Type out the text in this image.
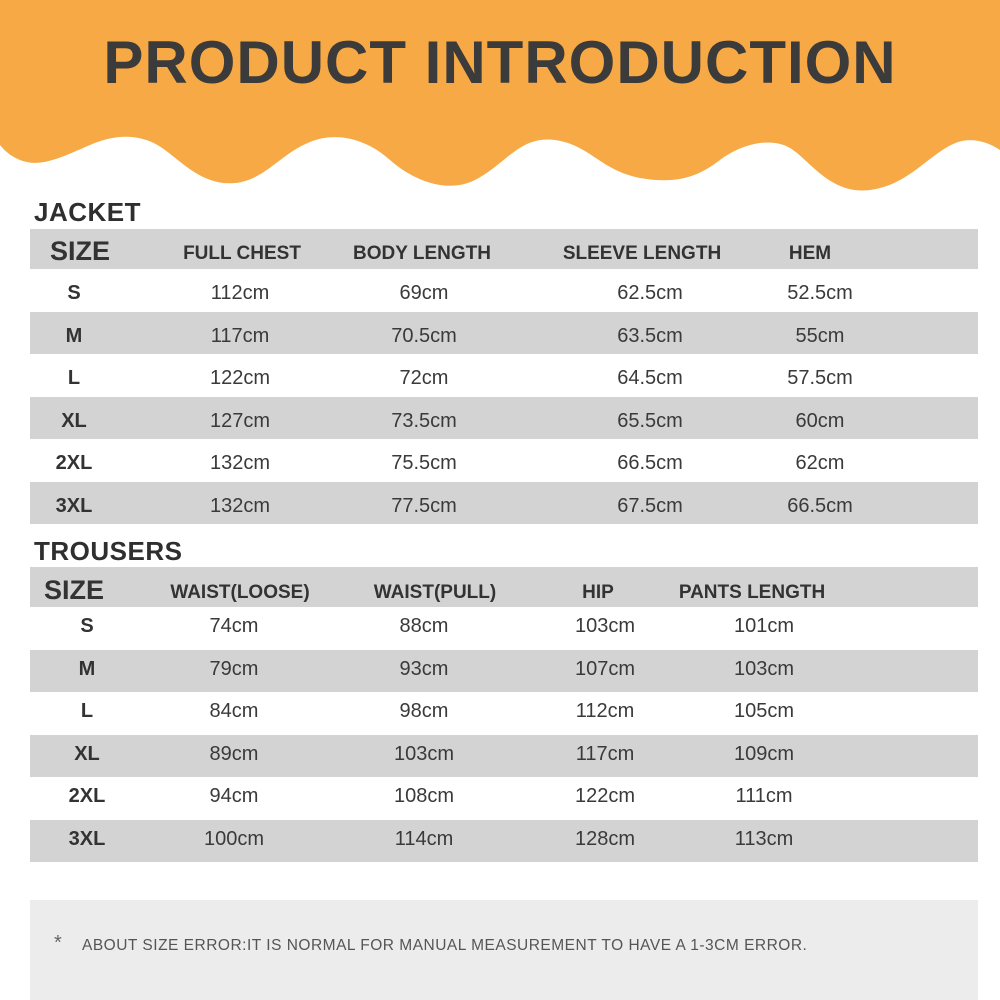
PRODUCT INTRODUCTION
JACKET
SIZE	FULL CHEST	BODY LENGTH	SLEEVE LENGTH	HEM
S	112cm	69cm	62.5cm	52.5cm
M	117cm	70.5cm	63.5cm	55cm
L	122cm	72cm	64.5cm	57.5cm
XL	127cm	73.5cm	65.5cm	60cm
2XL	132cm	75.5cm	66.5cm	62cm
3XL	132cm	77.5cm	67.5cm	66.5cm
TROUSERS
SIZE	WAIST(LOOSE)	WAIST(PULL)	HIP	PANTS LENGTH
S	74cm	88cm	103cm	101cm
M	79cm	93cm	107cm	103cm
L	84cm	98cm	112cm	105cm
XL	89cm	103cm	117cm	109cm
2XL	94cm	108cm	122cm	111cm
3XL	100cm	114cm	128cm	113cm
* ABOUT SIZE ERROR:IT IS NORMAL FOR MANUAL MEASUREMENT TO HAVE A 1-3CM ERROR.
